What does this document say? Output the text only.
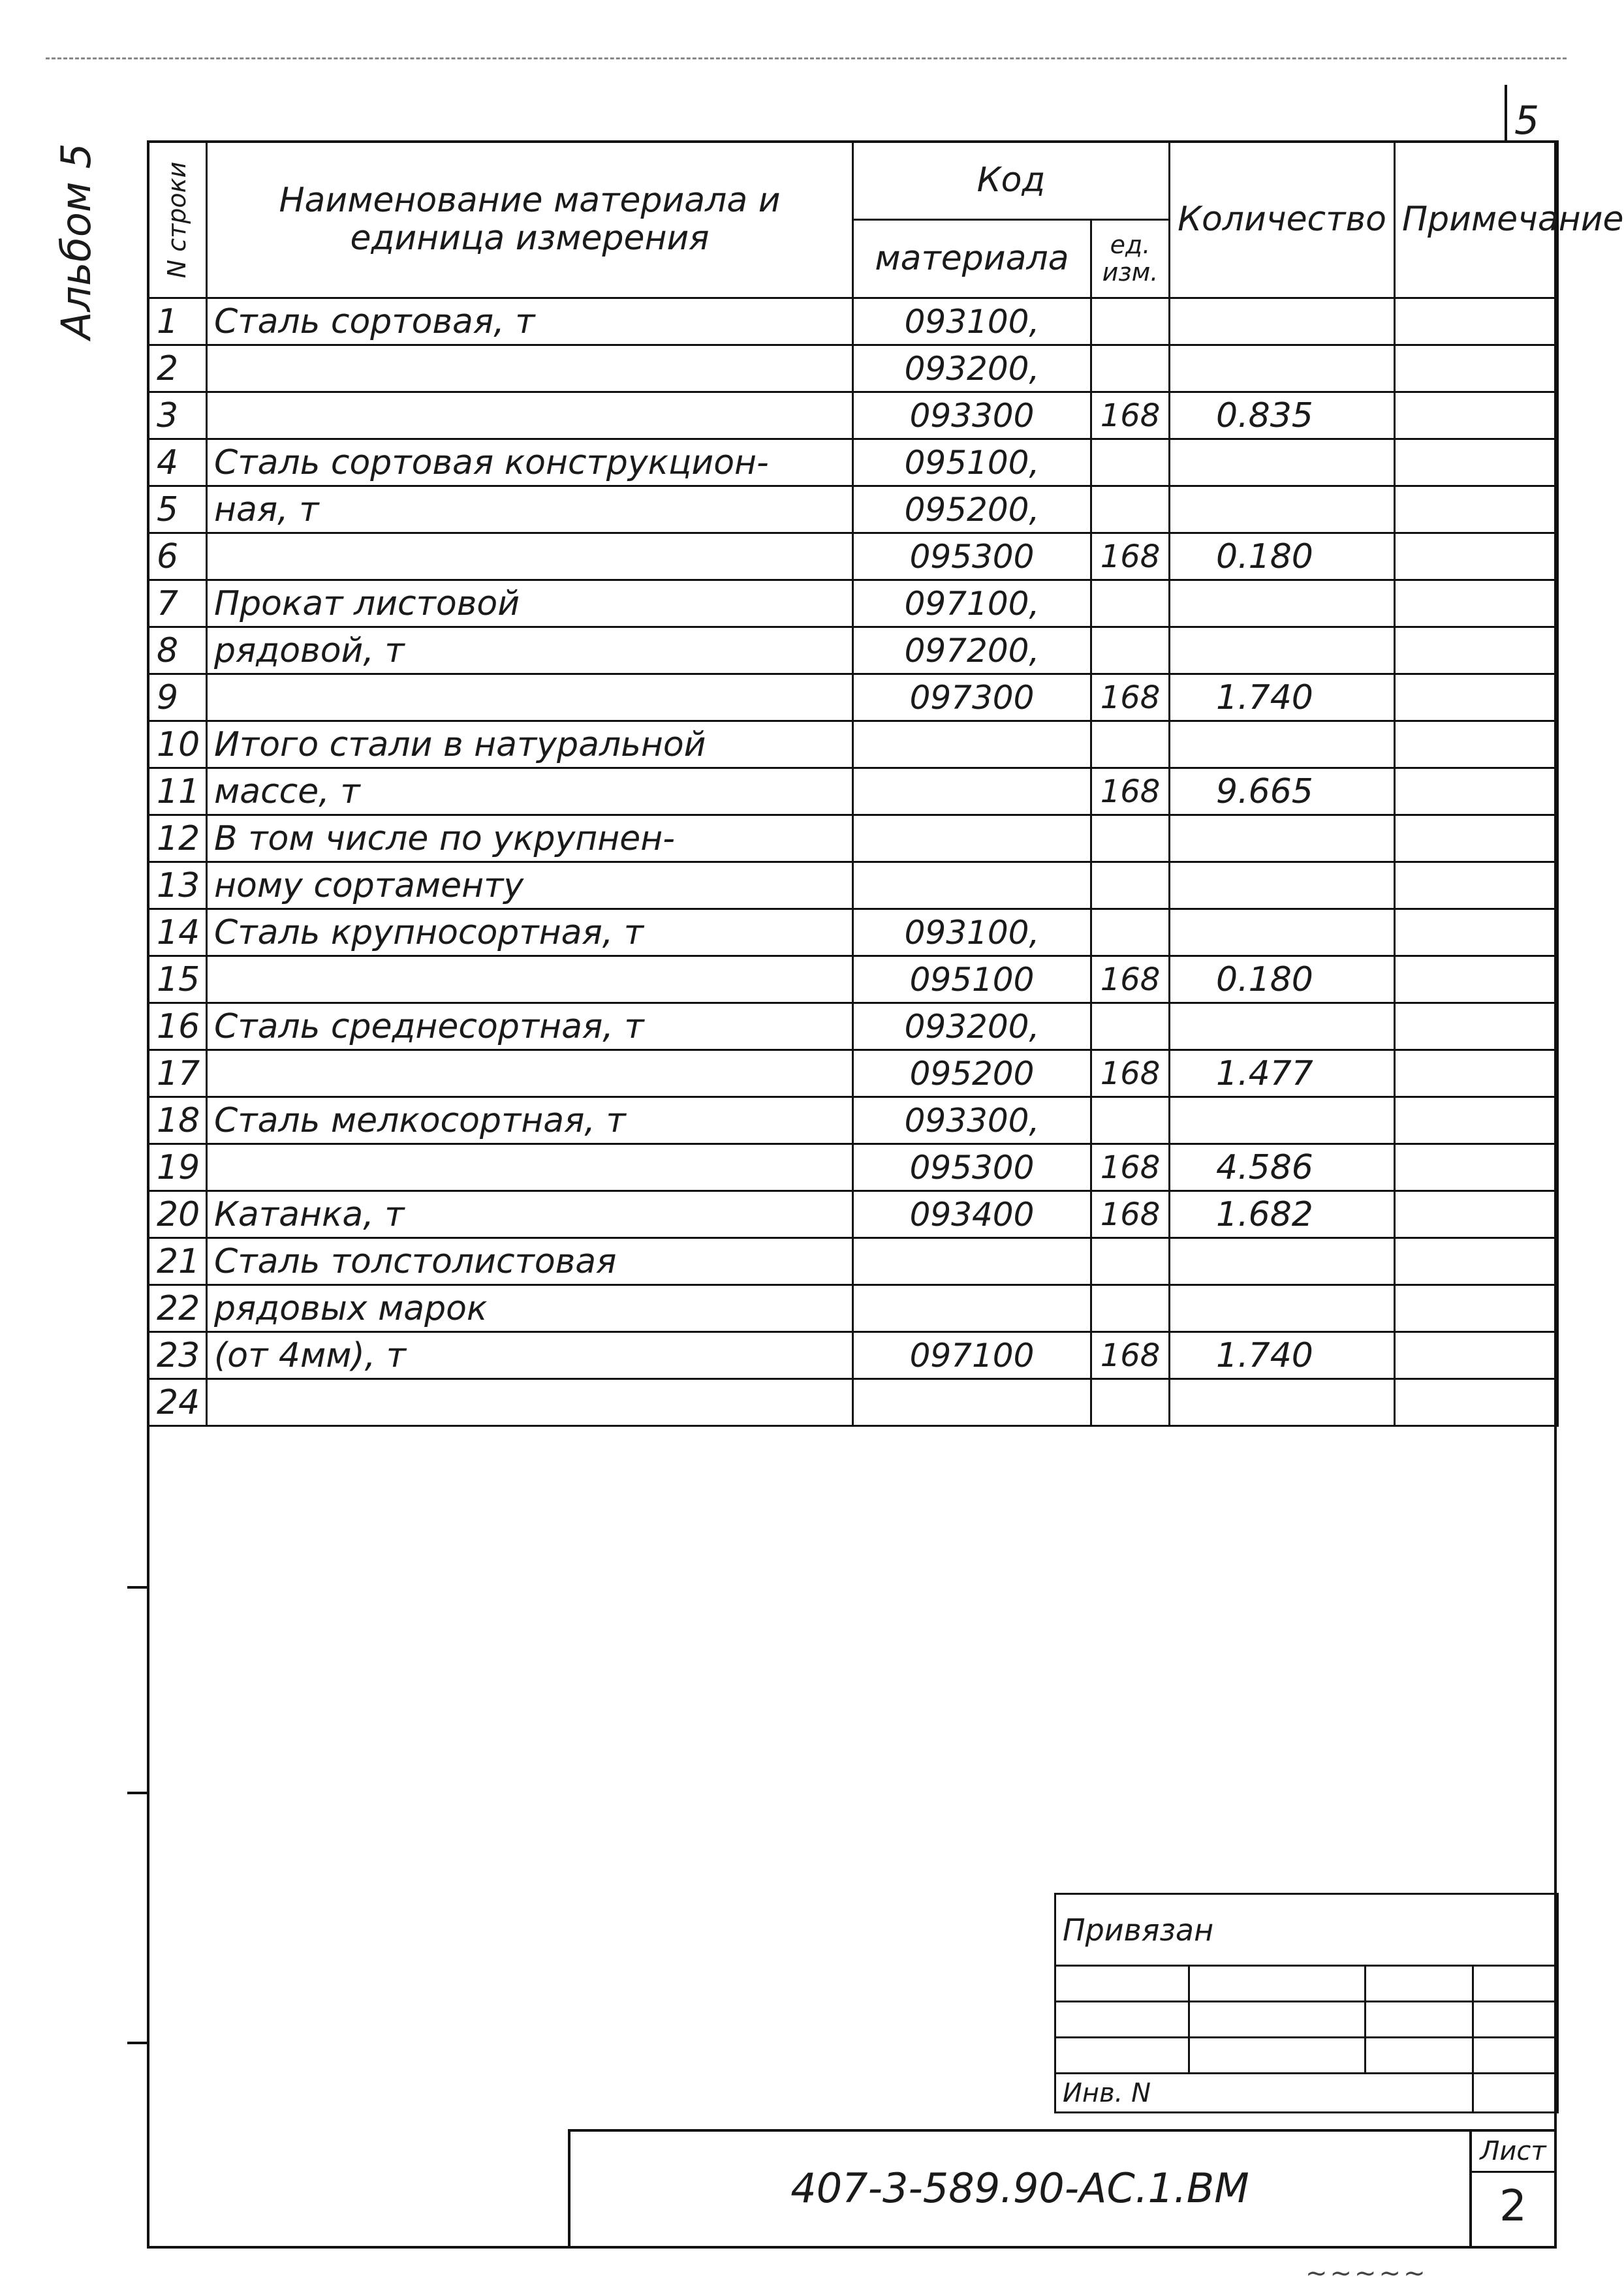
5
Альбом 5	N строки	Наименование материала и единица измерения	Код		Количество	Примечание
		материала	ед. изм.		
1	Сталь сортовая, т	093100,			
2		093200,			
3		093300	168	0.835	
4	Сталь сортовая конструкцион-	095100,			
5	ная, т	095200,			
6		095300	168	0.180	
7	Прокат листовой	097100,			
8	рядовой, т	097200,			
9		097300	168	1.740	
10	Итого стали в натуральной				
11	массе, т		168	9.665	
12	В том числе по укрупнен-				
13	ному сортаменту				
14	Сталь крупносортная, т	093100,			
15		095100	168	0.180	
16	Сталь среднесортная, т	093200,			
17		095200	168	1.477	
18	Сталь мелкосортная, т	093300,			
19		095300	168	4.586	
20	Катанка, т	093400	168	1.682	
21	Сталь толстолистовая				
22	рядовых марок				
23	(от 4мм), т	097100	168	1.740	
24					
Привязан			

Инв. N			
407-3-589.90-АС.1.ВМ
Лист
2
~~~~~
